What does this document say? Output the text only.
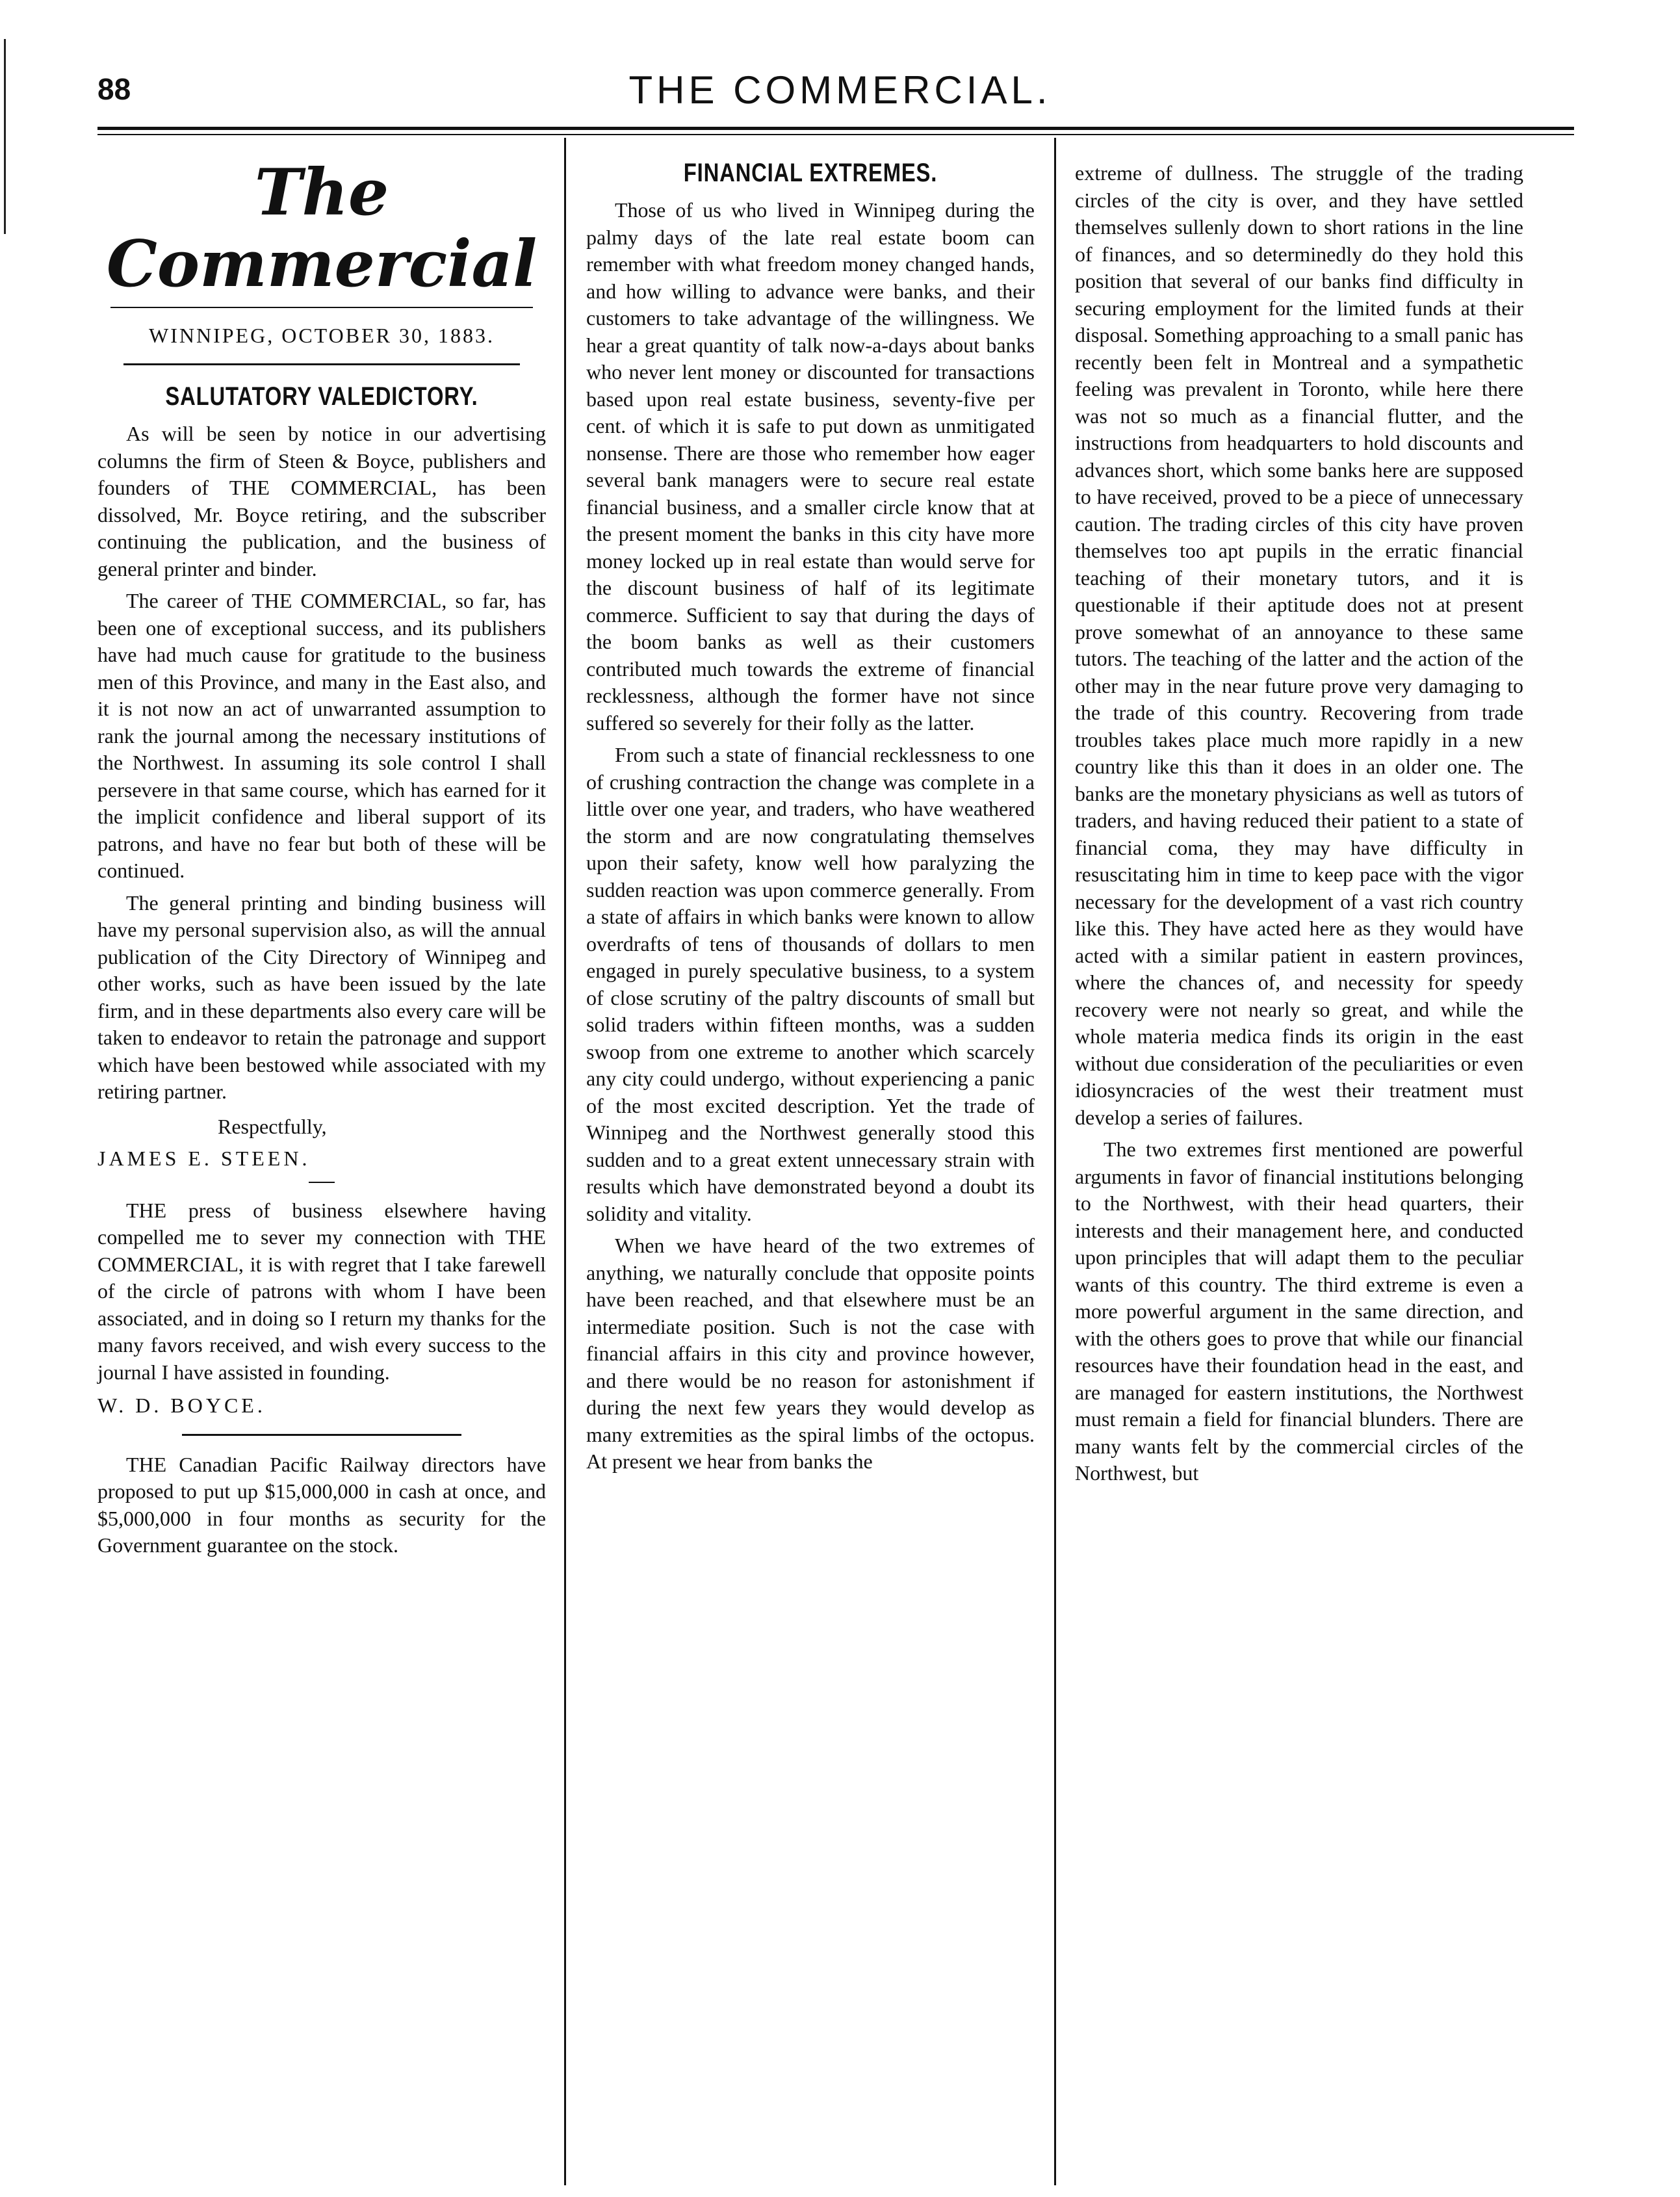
88	THE COMMERCIAL.
The Commercial
WINNIPEG, OCTOBER 30, 1883.
SALUTATORY VALEDICTORY.

As will be seen by notice in our advertising columns the firm of Steen & Boyce, publishers and founders of THE COMMERCIAL, has been dissolved, Mr. Boyce retiring, and the subscriber continuing the publication, and the business of general printer and binder.

The career of THE COMMERCIAL, so far, has been one of exceptional success, and its publishers have had much cause for gratitude to the business men of this Province, and many in the East also, and it is not now an act of unwarranted assumption to rank the journal among the necessary institutions of the Northwest. In assuming its sole control I shall persevere in that same course, which has earned for it the implicit confidence and liberal support of its patrons, and have no fear but both of these will be continued.

The general printing and binding business will have my personal supervision also, as will the annual publication of the City Directory of Winnipeg and other works, such as have been issued by the late firm, and in these departments also every care will be taken to endeavor to retain the patronage and support which have been bestowed while associated with my retiring partner.

Respectfully,

JAMES E. STEEN.

THE press of business elsewhere having compelled me to sever my connection with THE COMMERCIAL, it is with regret that I take farewell of the circle of patrons with whom I have been associated, and in doing so I return my thanks for the many favors received, and wish every success to the journal I have assisted in founding.

W. D. BOYCE.

THE Canadian Pacific Railway directors have proposed to put up $15,000,000 in cash at once, and $5,000,000 in four months as security for the Government guarantee on the stock.

FINANCIAL EXTREMES.

Those of us who lived in Winnipeg during the palmy days of the late real estate boom can remember with what freedom money changed hands, and how willing to advance were banks, and their customers to take advantage of the willingness. We hear a great quantity of talk now-a-days about banks who never lent money or discounted for transactions based upon real estate business, seventy-five per cent. of which it is safe to put down as unmitigated nonsense. There are those who remember how eager several bank managers were to secure real estate financial business, and a smaller circle know that at the present moment the banks in this city have more money locked up in real estate than would serve for the discount business of half of its legitimate commerce. Sufficient to say that during the days of the boom banks as well as their customers contributed much towards the extreme of financial recklessness, although the former have not since suffered so severely for their folly as the latter.

From such a state of financial recklessness to one of crushing contraction the change was complete in a little over one year, and traders, who have weathered the storm and are now congratulating themselves upon their safety, know well how paralyzing the sudden reaction was upon commerce generally. From a state of affairs in which banks were known to allow overdrafts of tens of thousands of dollars to men engaged in purely speculative business, to a system of close scrutiny of the paltry discounts of small but solid traders within fifteen months, was a sudden swoop from one extreme to another which scarcely any city could undergo, without experiencing a panic of the most excited description. Yet the trade of Winnipeg and the Northwest generally stood this sudden and to a great extent unnecessary strain with results which have demonstrated beyond a doubt its solidity and vitality.

When we have heard of the two extremes of anything, we naturally conclude that opposite points have been reached, and that elsewhere must be an intermediate position. Such is not the case with financial affairs in this city and province however, and there would be no reason for astonishment if during the next few years they would develop as many extremities as the spiral limbs of the octopus. At present we hear from banks the

extreme of dullness. The struggle of the trading circles of the city is over, and they have settled themselves sullenly down to short rations in the line of finances, and so determinedly do they hold this position that several of our banks find difficulty in securing employment for the limited funds at their disposal. Something approaching to a small panic has recently been felt in Montreal and a sympathetic feeling was prevalent in Toronto, while here there was not so much as a financial flutter, and the instructions from headquarters to hold discounts and advances short, which some banks here are supposed to have received, proved to be a piece of unnecessary caution. The trading circles of this city have proven themselves too apt pupils in the erratic financial teaching of their monetary tutors, and it is questionable if their aptitude does not at present prove somewhat of an annoyance to these same tutors. The teaching of the latter and the action of the other may in the near future prove very damaging to the trade of this country. Recovering from trade troubles takes place much more rapidly in a new country like this than it does in an older one. The banks are the monetary physicians as well as tutors of traders, and having reduced their patient to a state of financial coma, they may have difficulty in resuscitating him in time to keep pace with the vigor necessary for the development of a vast rich country like this. They have acted here as they would have acted with a similar patient in eastern provinces, where the chances of, and necessity for speedy recovery were not nearly so great, and while the whole materia medica finds its origin in the east without due consideration of the peculiarities or even idiosyncracies of the west their treatment must develop a series of failures.

The two extremes first mentioned are powerful arguments in favor of financial institutions belonging to the Northwest, with their head quarters, their interests and their management here, and conducted upon principles that will adapt them to the peculiar wants of this country. The third extreme is even a more powerful argument in the same direction, and with the others goes to prove that while our financial resources have their foundation head in the east, and are managed for eastern institutions, the Northwest must remain a field for financial blunders. There are many wants felt by the commercial circles of the Northwest, but
